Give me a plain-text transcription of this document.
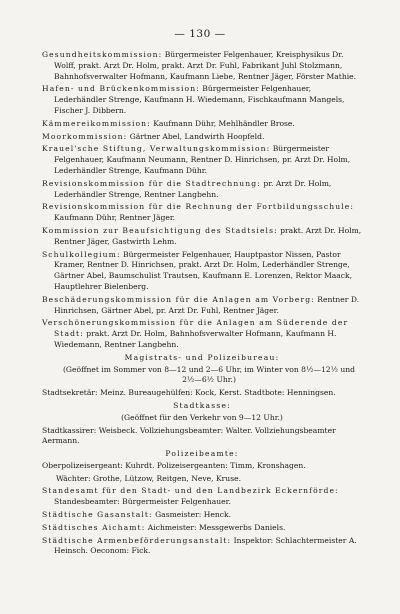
— 130 —

Gesundheitskommission: Bürgermeister Felgenhauer, Kreisphysikus Dr. Wolff, prakt. Arzt Dr. Holm, prakt. Arzt Dr. Fuhl, Fabrikant Juhl Stolzmann, Bahnhofsverwalter Hofmann, Kaufmann Liebe, Rentner Jäger, Förster Mathie.

Hafen- und Brückenkommission: Bürgermeister Felgenhauer, Lederhändler Strenge, Kaufmann H. Wiedemann, Fischkaufmann Mangels, Fischer J. Dibbern.

Kämmereikommission: Kaufmann Dühr, Mehlhändler Brose.

Moorkommission: Gärtner Abel, Landwirth Hoopfeld.

Krauel'sche Stiftung, Verwaltungskommission: Bürgermeister Felgenhauer, Kaufmann Neumann, Rentner D. Hinrichsen, pr. Arzt Dr. Holm, Lederhändler Strenge, Kaufmann Dühr.

Revisionskommission für die Stadtrechnung: pr. Arzt Dr. Holm, Lederhändler Strenge, Rentner Langbehn.

Revisionskommission für die Rechnung der Fortbildungsschule: Kaufmann Dühr, Rentner Jäger.

Kommission zur Beaufsichtigung des Stadtsiels: prakt. Arzt Dr. Holm, Rentner Jäger, Gastwirth Lehm.

Schulkollegium: Bürgermeister Felgenhauer, Hauptpastor Nissen, Pastor Kramer, Rentner D. Hinrichsen, prakt. Arzt Dr. Holm, Lederhändler Strenge, Gärtner Abel, Baumschulist Trautsen, Kaufmann E. Lorenzen, Rektor Maack, Hauptlehrer Bielenberg.

Beschäderungskommission für die Anlagen am Vorberg: Rentner D. Hinrichsen, Gärtner Abel, pr. Arzt Dr. Fuhl, Rentner Jäger.

Verschönerungskommission für die Anlagen am Süderende der Stadt: prakt. Arzt Dr. Holm, Bahnhofsverwalter Hofmann, Kaufmann H. Wiedemann, Rentner Langbehn.

Magistrats- und Polizeibureau:

(Geöffnet im Sommer von 8—12 und 2—6 Uhr, im Winter von 8½—12½ und 2½—6½ Uhr.)

Stadtsekretär: Meinz. Bureaugehülfen: Kock, Kerst. Stadtbote: Henningsen.

Stadtkasse:

(Geöffnet für den Verkehr von 9—12 Uhr.)

Stadtkassirer: Weisbeck. Vollziehungsbeamter: Walter. Vollziehungsbeamter Aermann.

Polizeibeamte:

Oberpolizeisergeant: Kuhrdt. Polizeisergeanten: Timm, Kronshagen.

Wächter: Grothe, Lützow, Reitgen, Neve, Kruse.

Standesamt für den Stadt- und den Landbezirk Eckernförde: Standesbeamter: Bürgermeister Felgenhauer.

Städtische Gasanstalt: Gasmeister: Henck.

Städtisches Aichamt: Aichmeister: Messgewerbs Daniels.

Städtische Armenbeförderungsanstalt: Inspektor: Schlachtermeister A. Heinsch. Oeconom: Fick.
